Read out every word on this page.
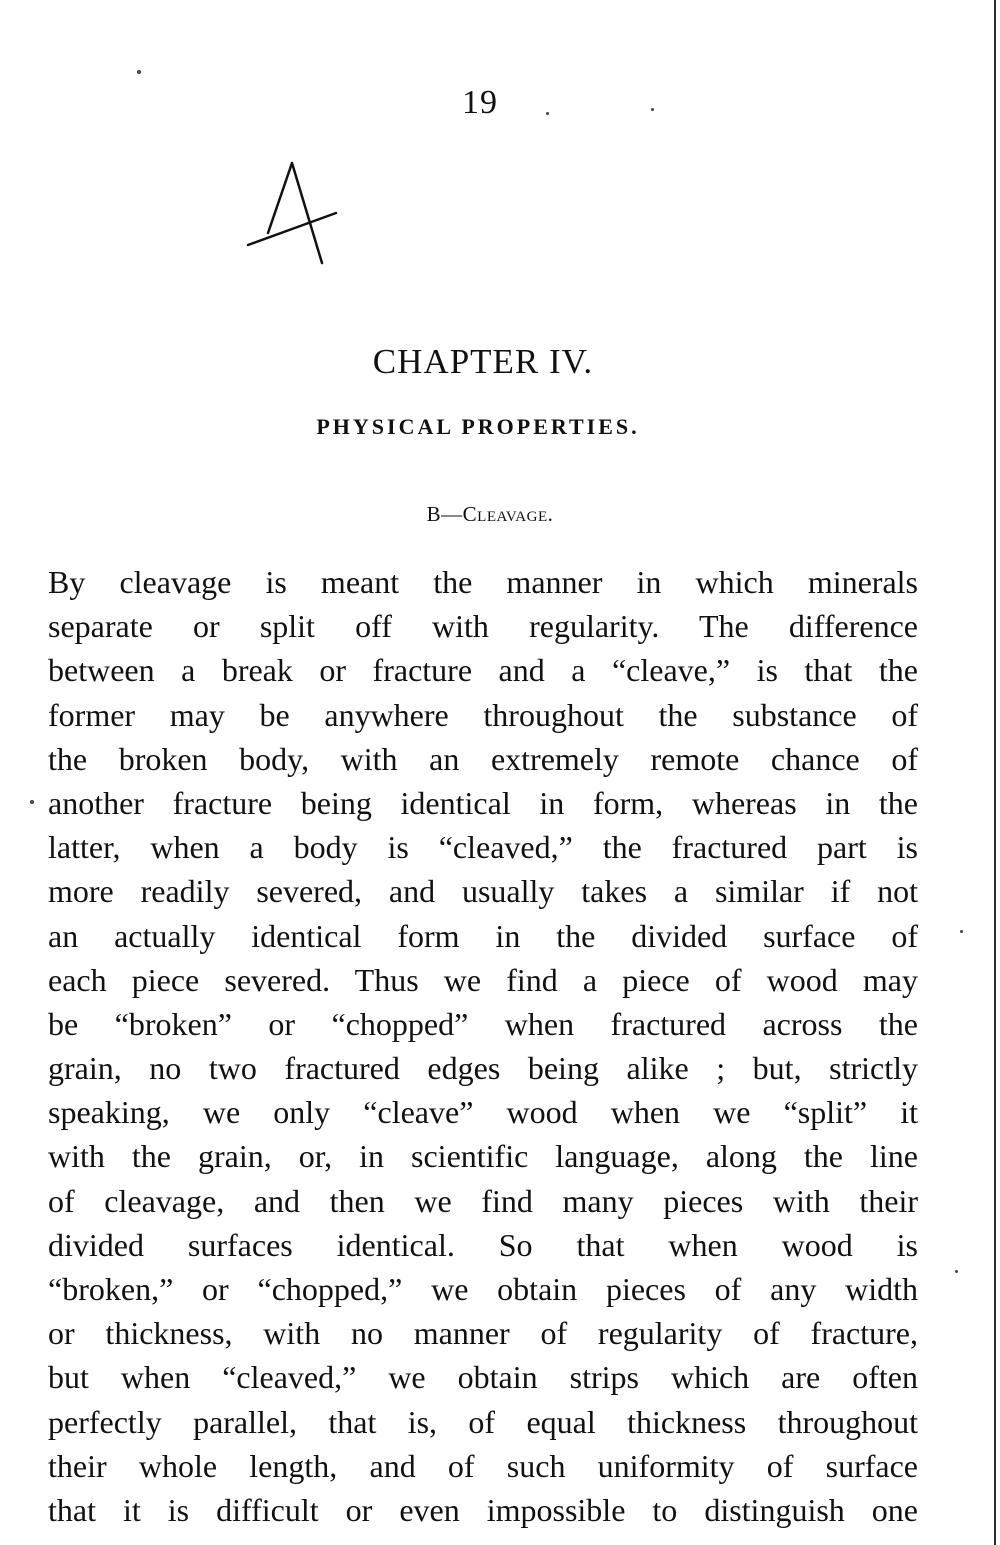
19
CHAPTER IV.
PHYSICAL PROPERTIES.
B—Cleavage.
By cleavage is meant the manner in which minerals
separate or split off with regularity. The difference
between a break or fracture and a “cleave,” is that the
former may be anywhere throughout the substance of
the broken body, with an extremely remote chance of
another fracture being identical in form, whereas in the
latter, when a body is “cleaved,” the fractured part is
more readily severed, and usually takes a similar if not
an actually identical form in the divided surface of
each piece severed. Thus we find a piece of wood may
be “broken” or “chopped” when fractured across the
grain, no two fractured edges being alike ; but, strictly
speaking, we only “cleave” wood when we “split” it
with the grain, or, in scientific language, along the line
of cleavage, and then we find many pieces with their
divided surfaces identical. So that when wood is
“broken,” or “chopped,” we obtain pieces of any width
or thickness, with no manner of regularity of fracture,
but when “cleaved,” we obtain strips which are often
perfectly parallel, that is, of equal thickness throughout
their whole length, and of such uniformity of surface
that it is difficult or even impossible to distinguish one
